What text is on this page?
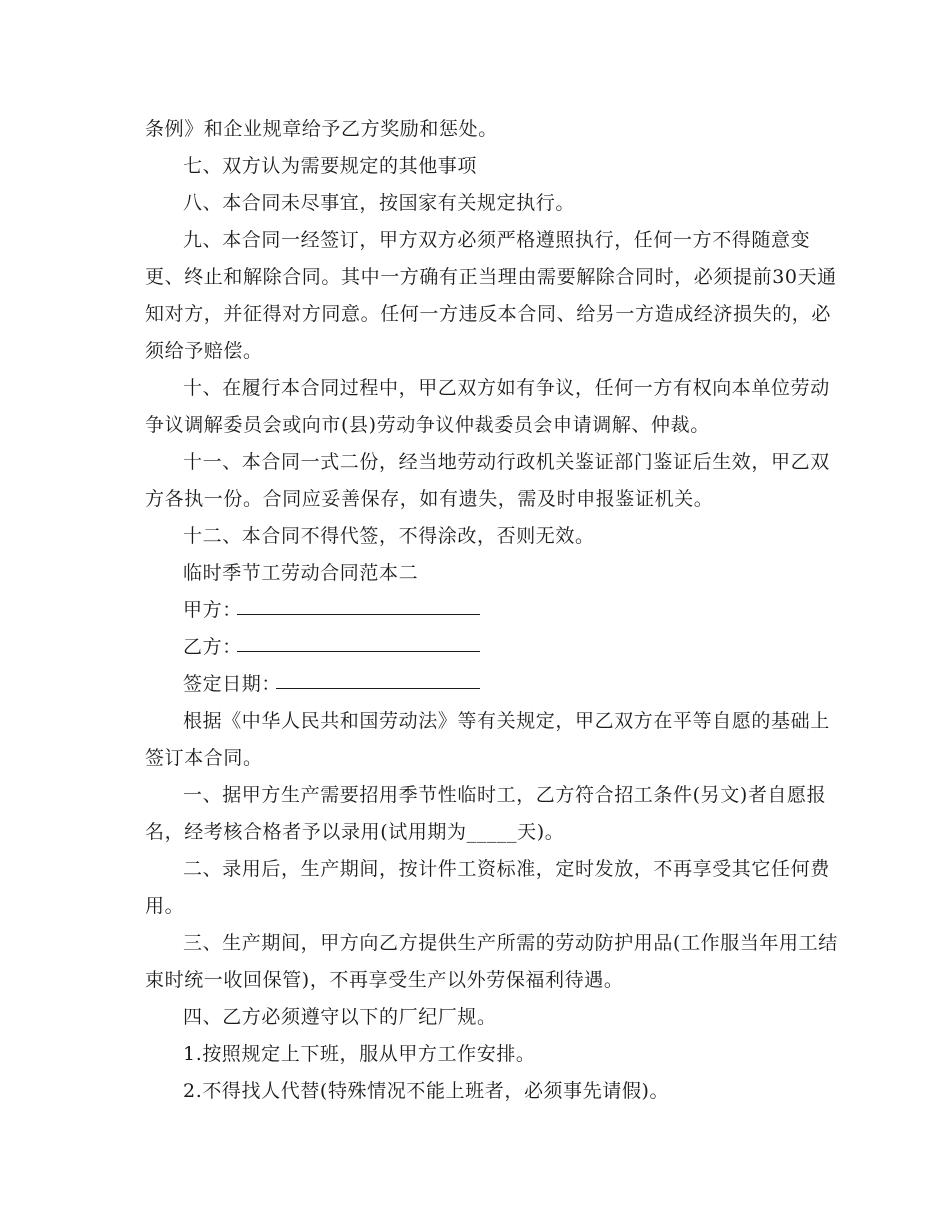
条例》和企业规章给予乙方奖励和惩处。
七、双方认为需要规定的其他事项
八、本合同未尽事宜，按国家有关规定执行。
九、本合同一经签订，甲方双方必须严格遵照执行，任何一方不得随意变
更、终止和解除合同。其中一方确有正当理由需要解除合同时，必须提前30天通
知对方，并征得对方同意。任何一方违反本合同、给另一方造成经济损失的，必
须给予赔偿。
十、在履行本合同过程中，甲乙双方如有争议，任何一方有权向本单位劳动
争议调解委员会或向市(县)劳动争议仲裁委员会申请调解、仲裁。
十一、本合同一式二份，经当地劳动行政机关鉴证部门鉴证后生效，甲乙双
方各执一份。合同应妥善保存，如有遗失，需及时申报鉴证机关。
十二、本合同不得代签，不得涂改，否则无效。
临时季节工劳动合同范本二
甲方：
乙方：
签定日期：
根据《中华人民共和国劳动法》等有关规定，甲乙双方在平等自愿的基础上
签订本合同。
一、据甲方生产需要招用季节性临时工，乙方符合招工条件(另文)者自愿报
名，经考核合格者予以录用(试用期为_____天)。
二、录用后，生产期间，按计件工资标准，定时发放，不再享受其它任何费
用。
三、生产期间，甲方向乙方提供生产所需的劳动防护用品(工作服当年用工结
束时统一收回保管)，不再享受生产以外劳保福利待遇。
四、乙方必须遵守以下的厂纪厂规。
1.按照规定上下班，服从甲方工作安排。
2.不得找人代替(特殊情况不能上班者，必须事先请假)。
